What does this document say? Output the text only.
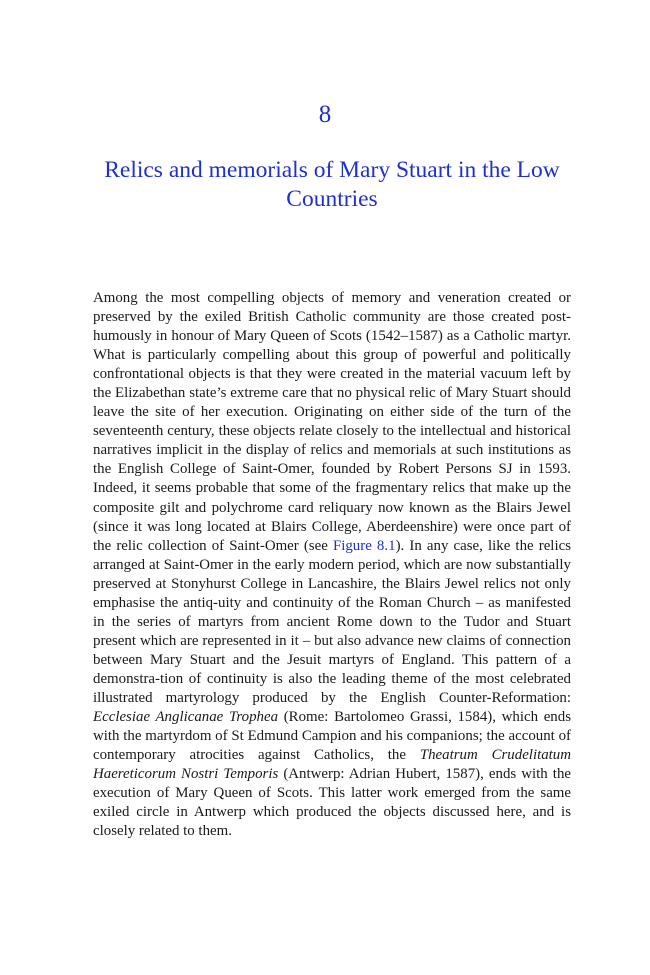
8
Relics and memorials of Mary Stuart in the Low Countries

Among the most compelling objects of memory and veneration created or preserved by the exiled British Catholic community are those created post-humously in honour of Mary Queen of Scots (1542–1587) as a Catholic martyr. What is particularly compelling about this group of powerful and politically confrontational objects is that they were created in the material vacuum left by the Elizabethan state’s extreme care that no physical relic of Mary Stuart should leave the site of her execution. Originating on either side of the turn of the seventeenth century, these objects relate closely to the intellectual and historical narratives implicit in the display of relics and memorials at such institutions as the English College of Saint-Omer, founded by Robert Persons SJ in 1593. Indeed, it seems probable that some of the fragmentary relics that make up the composite gilt and polychrome card reliquary now known as the Blairs Jewel (since it was long located at Blairs College, Aberdeenshire) were once part of the relic collection of Saint-Omer (see Figure 8.1). In any case, like the relics arranged at Saint-Omer in the early modern period, which are now substantially preserved at Stonyhurst College in Lancashire, the Blairs Jewel relics not only emphasise the antiq-uity and continuity of the Roman Church – as manifested in the series of martyrs from ancient Rome down to the Tudor and Stuart present which are represented in it – but also advance new claims of connection between Mary Stuart and the Jesuit martyrs of England. This pattern of a demonstra-tion of continuity is also the leading theme of the most celebrated illustrated martyrology produced by the English Counter-Reformation: Ecclesiae Anglicanae Trophea (Rome: Bartolomeo Grassi, 1584), which ends with the martyrdom of St Edmund Campion and his companions; the account of contemporary atrocities against Catholics, the Theatrum Crudelitatum Haereticorum Nostri Temporis (Antwerp: Adrian Hubert, 1587), ends with the execution of Mary Queen of Scots. This latter work emerged from the same exiled circle in Antwerp which produced the objects discussed here, and is closely related to them.
